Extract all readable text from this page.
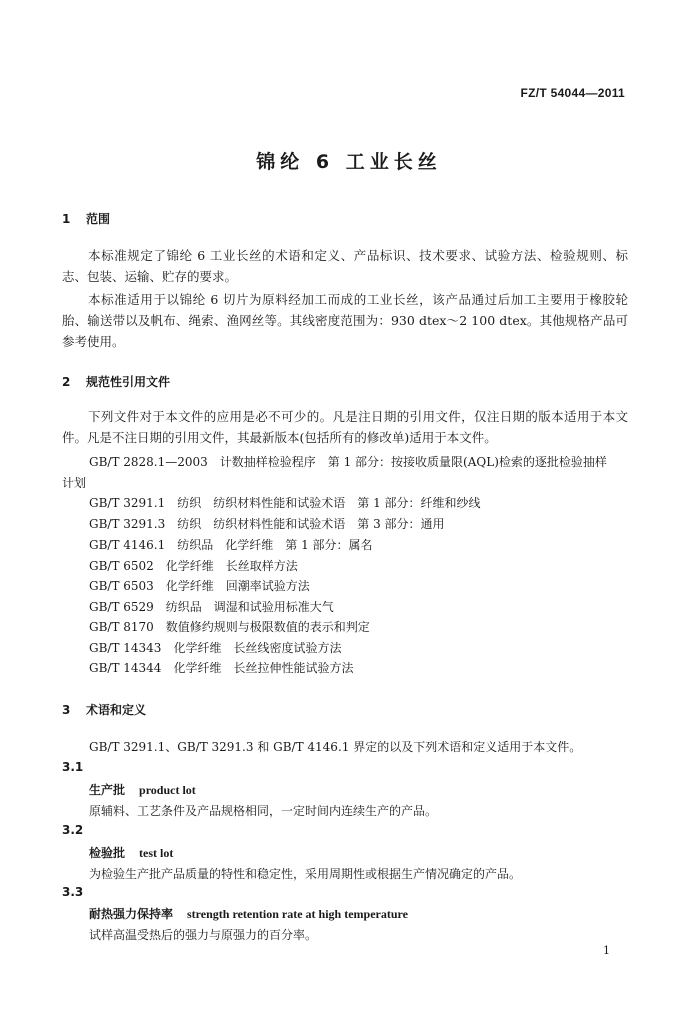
FZ/T 54044—2011
锦纶 6 工业长丝
1 范围
本标准规定了锦纶 6 工业长丝的术语和定义、产品标识、技术要求、试验方法、检验规则、标志、包装、运输、贮存的要求。
本标准适用于以锦纶 6 切片为原料经加工而成的工业长丝，该产品通过后加工主要用于橡胶轮胎、输送带以及帆布、绳索、渔网丝等。其线密度范围为：930 dtex～2 100 dtex。其他规格产品可参考使用。
2 规范性引用文件
下列文件对于本文件的应用是必不可少的。凡是注日期的引用文件，仅注日期的版本适用于本文件。凡是不注日期的引用文件，其最新版本(包括所有的修改单)适用于本文件。
GB/T 2828.1—2003　计数抽样检验程序　第 1 部分：按接收质量限(AQL)检索的逐批检验抽样
计划
GB/T 3291.1　纺织　纺织材料性能和试验术语　第 1 部分：纤维和纱线
GB/T 3291.3　纺织　纺织材料性能和试验术语　第 3 部分：通用
GB/T 4146.1　纺织品　化学纤维　第 1 部分：属名
GB/T 6502　化学纤维　长丝取样方法
GB/T 6503　化学纤维　回潮率试验方法
GB/T 6529　纺织品　调湿和试验用标准大气
GB/T 8170　数值修约规则与极限数值的表示和判定
GB/T 14343　化学纤维　长丝线密度试验方法
GB/T 14344　化学纤维　长丝拉伸性能试验方法
3 术语和定义
GB/T 3291.1、GB/T 3291.3 和 GB/T 4146.1 界定的以及下列术语和定义适用于本文件。
3.1
生产批 product lot
原辅料、工艺条件及产品规格相同，一定时间内连续生产的产品。
3.2
检验批 test lot
为检验生产批产品质量的特性和稳定性，采用周期性或根据生产情况确定的产品。
3.3
耐热强力保持率 strength retention rate at high temperature
试样高温受热后的强力与原强力的百分率。
1
